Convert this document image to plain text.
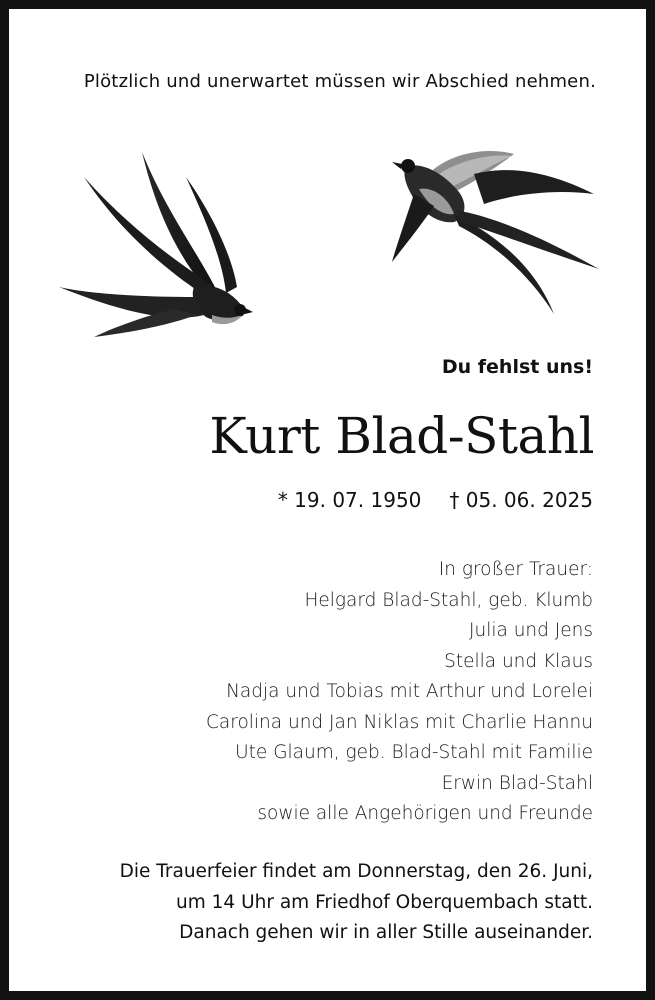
Plötzlich und unerwartet müssen wir Abschied nehmen.
Du fehlst uns!
Kurt Blad-Stahl
* 19. 07. 1950 † 05. 06. 2025
In großer Trauer:
Helgard Blad-Stahl, geb. Klumb
Julia und Jens
Stella und Klaus
Nadja und Tobias mit Arthur und Lorelei
Carolina und Jan Niklas mit Charlie Hannu
Ute Glaum, geb. Blad-Stahl mit Familie
Erwin Blad-Stahl
sowie alle Angehörigen und Freunde
Die Trauerfeier findet am Donnerstag, den 26. Juni,
um 14 Uhr am Friedhof Oberquembach statt.
Danach gehen wir in aller Stille auseinander.
